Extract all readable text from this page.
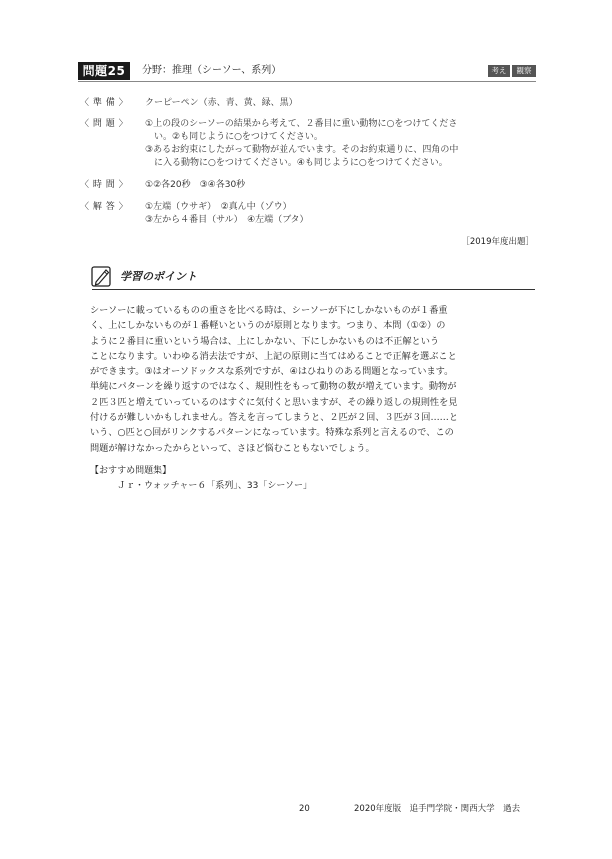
問題25	分野：推理（シーソー、系列）	考え	観察
〈 準 備 〉 クーピーペン（赤、青、黄、緑、黒）
〈 問 題 〉 ①上の段のシーソーの結果から考えて、２番目に重い動物に○をつけてくださ
　い。②も同じように○をつけてください。
③あるお約束にしたがって動物が並んでいます。そのお約束通りに、四角の中
　に入る動物に○をつけてください。④も同じように○をつけてください。
〈 時 間 〉 ①②各20秒　③④各30秒
〈 解 答 〉 ①左端（ウサギ）　②真ん中（ゾウ）
③左から４番目（サル）　④左端（ブタ）
［2019年度出題］
学習のポイント
シーソーに載っているものの重さを比べる時は、シーソーが下にしかないものが１番重
く、上にしかないものが１番軽いというのが原則となります。つまり、本問（①②）の
ように２番目に重いという場合は、上にしかない、下にしかないものは不正解という
ことになります。いわゆる消去法ですが、上記の原則に当てはめることで正解を選ぶこと
ができます。③はオーソドックスな系列ですが、④はひねりのある問題となっています。
単純にパターンを繰り返すのではなく、規則性をもって動物の数が増えています。動物が
２匹３匹と増えていっているのはすぐに気付くと思いますが、その繰り返しの規則性を見
付けるが難しいかもしれません。答えを言ってしまうと、２匹が２回、３匹が３回……と
いう、○匹と○回がリンクするパターンになっています。特殊な系列と言えるので、この
問題が解けなかったからといって、さほど悩むこともないでしょう。
【おすすめ問題集】
Ｊｒ・ウォッチャー６「系列」、33「シーソー」
20	2020年度版　追手門学院・関西大学　過去
